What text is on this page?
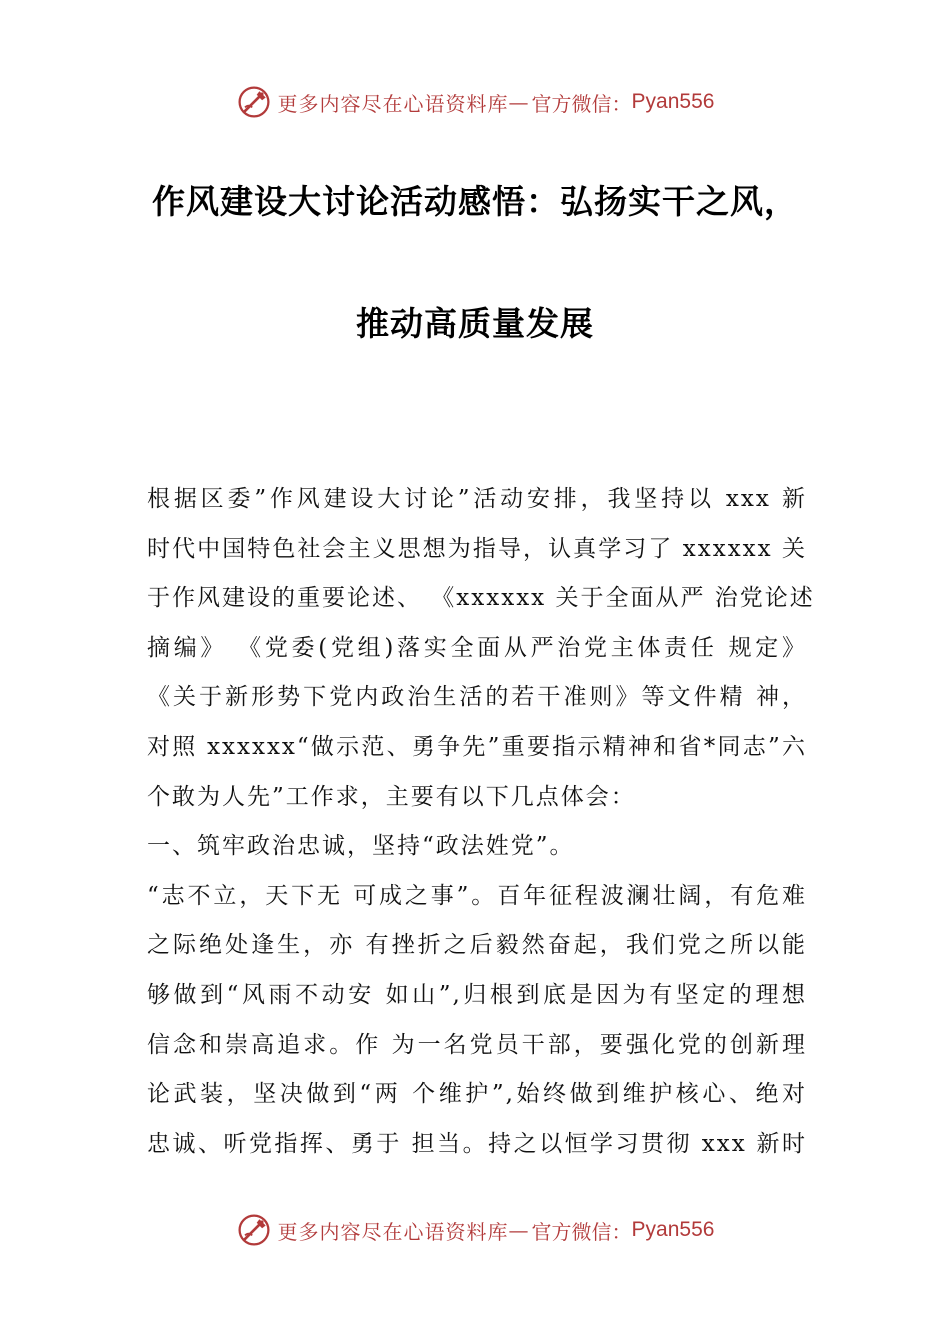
更多内容尽在心语资料库 — 官方微信： Pyan556
作风建设大讨论活动感悟：弘扬实干之风，
推动高质量发展
根据区委”作风建设大讨论”活动安排，我坚持以 xxx 新
时代中国特色社会主义思想为指导，认真学习了 xxxxxx 关
于作风建设的重要论述、 《xxxxxx 关于全面从严 治党论述
摘编》 《党委(党组)落实全面从严治党主体责任 规定》
《关于新形势下党内政治生活的若干准则》等文件精 神，
对照 xxxxxx“做示范、勇争先”重要指示精神和省*同志”六
个敢为人先”工作求，主要有以下几点体会：
一、筑牢政治忠诚，坚持“政法姓党”。
“志不立，天下无 可成之事”。百年征程波澜壮阔，有危难
之际绝处逢生，亦 有挫折之后毅然奋起，我们党之所以能
够做到“风雨不动安 如山”,归根到底是因为有坚定的理想
信念和崇高追求。作 为一名党员干部，要强化党的创新理
论武装，坚决做到“两 个维护”,始终做到维护核心、绝对
忠诚、听党指挥、勇于 担当。持之以恒学习贯彻 xxx 新时
更多内容尽在心语资料库 — 官方微信： Pyan556
